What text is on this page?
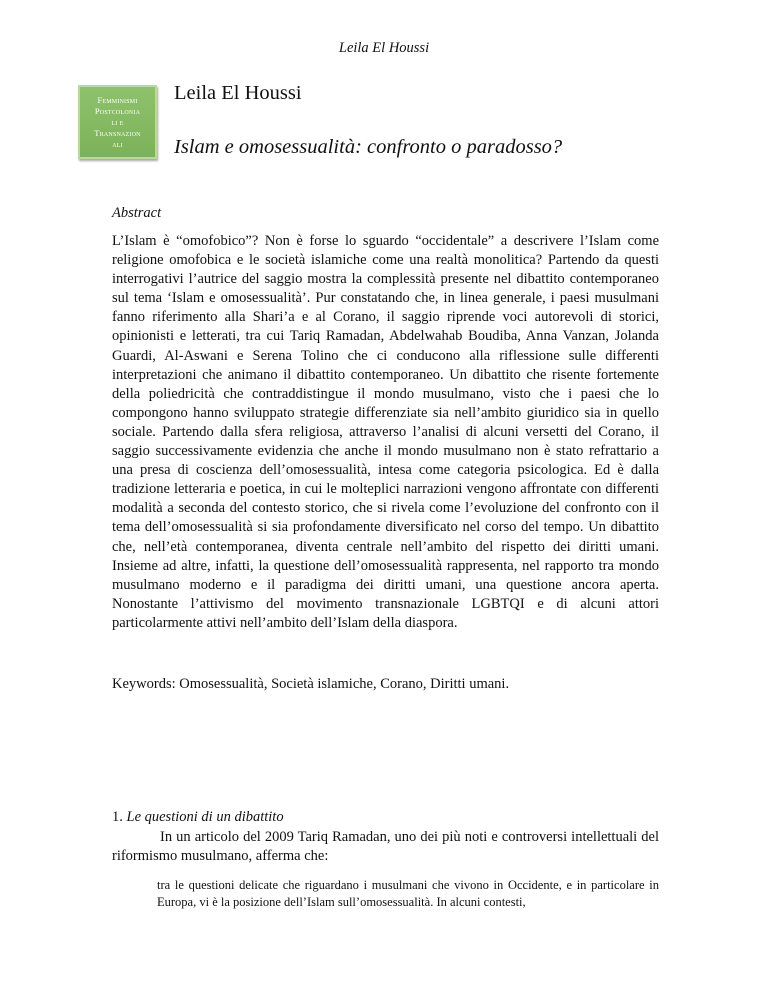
Leila El Houssi
Femminismi
Postcolonia
li e
Transnazion
ali
Leila El Houssi
Islam e omosessualità: confronto o paradosso?
Abstract

L’Islam è “omofobico”? Non è forse lo sguardo “occidentale” a descrivere l’Islam come religione omofobica e le società islamiche come una realtà monolitica? Partendo da questi interrogativi l’autrice del saggio mostra la complessità presente nel dibattito contemporaneo sul tema ‘Islam e omosessualità’. Pur constatando che, in linea generale, i paesi musulmani fanno riferimento alla Shari’a e al Corano, il saggio riprende voci autorevoli di storici, opinionisti e letterati, tra cui Tariq Ramadan, Abdelwahab Boudiba, Anna Vanzan, Jolanda Guardi, Al-Aswani e Serena Tolino che ci conducono alla riflessione sulle differenti interpretazioni che animano il dibattito contemporaneo. Un dibattito che risente fortemente della poliedricità che contraddistingue il mondo musulmano, visto che i paesi che lo compongono hanno sviluppato strategie differenziate sia nell’ambito giuridico sia in quello sociale. Partendo dalla sfera religiosa, attraverso l’analisi di alcuni versetti del Corano, il saggio successivamente evidenzia che anche il mondo musulmano non è stato refrattario a una presa di coscienza dell’omosessualità, intesa come categoria psicologica. Ed è dalla tradizione letteraria e poetica, in cui le molteplici narrazioni vengono affrontate con differenti modalità a seconda del contesto storico, che si rivela come l’evoluzione del confronto con il tema dell’omosessualità si sia profondamente diversificato nel corso del tempo. Un dibattito che, nell’età contemporanea, diventa centrale nell’ambito del rispetto dei diritti umani. Insieme ad altre, infatti, la questione dell’omosessualità rappresenta, nel rapporto tra mondo musulmano moderno e il paradigma dei diritti umani, una questione ancora aperta. Nonostante l’attivismo del movimento transnazionale LGBTQI e di alcuni attori particolarmente attivi nell’ambito dell’Islam della diaspora.

Keywords: Omosessualità, Società islamiche, Corano, Diritti umani.
1. Le questioni di un dibattito

In un articolo del 2009 Tariq Ramadan, uno dei più noti e controversi intellettuali del riformismo musulmano, afferma che:

tra le questioni delicate che riguardano i musulmani che vivono in Occidente, e in particolare in Europa, vi è la posizione dell’Islam sull’omosessualità. In alcuni contesti,
